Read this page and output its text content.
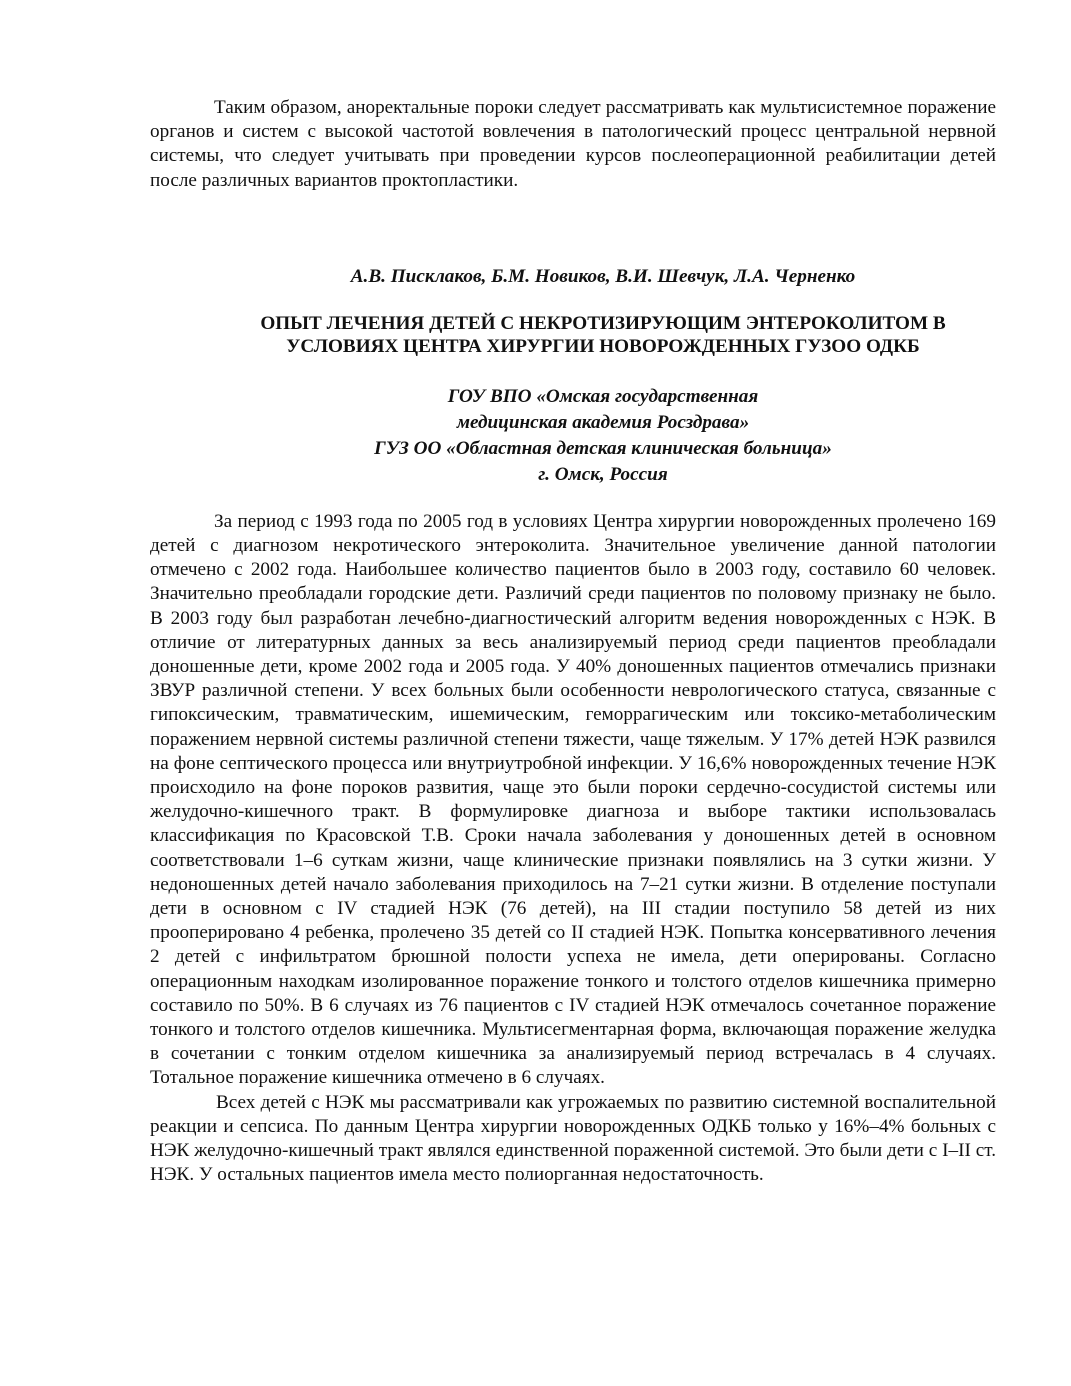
Таким образом, аноректальные пороки следует рассматривать как мультисистемное поражение органов и систем с высокой частотой вовлечения в патологический процесс центральной нервной системы, что следует учитывать при проведении курсов послеоперационной реабилитации детей после различных вариантов проктопластики.

А.В. Писклаков, Б.М. Новиков, В.И. Шевчук, Л.А. Черненко
ОПЫТ ЛЕЧЕНИЯ ДЕТЕЙ С НЕКРОТИЗИРУЮЩИМ ЭНТЕРОКОЛИТОМ В
УСЛОВИЯХ ЦЕНТРА ХИРУРГИИ НОВОРОЖДЕННЫХ ГУЗОО ОДКБ
ГОУ ВПО «Омская государственная
медицинская академия Росздрава»
ГУЗ ОО «Областная детская клиническая больница»
г. Омск, Россия

За период с 1993 года по 2005 год в условиях Центра хирургии новорожденных пролечено 169 детей с диагнозом некротического энтероколита. Значительное увеличение данной патологии отмечено с 2002 года. Наибольшее количество пациентов было в 2003 году, составило 60 человек. Значительно преобладали городские дети. Различий среди пациентов по половому признаку не было. В 2003 году был разработан лечебно-диагностический алгоритм ведения новорожденных с НЭК. В отличие от литературных данных за весь анализируемый период среди пациентов преобладали доношенные дети, кроме 2002 года и 2005 года. У 40% доношенных пациентов отмечались признаки ЗВУР различной степени. У всех больных были особенности неврологического статуса, связанные с гипоксическим, травматическим, ишемическим, геморрагическим или токсико-метаболическим поражением нервной системы различной степени тяжести, чаще тяжелым. У 17% детей НЭК развился на фоне септического процесса или внутриутробной инфекции. У 16,6% новорожденных течение НЭК происходило на фоне пороков развития, чаще это были пороки сердечно-сосудистой системы или желудочно-кишечного тракт. В формулировке диагноза и выборе тактики использовалась классификация по Красовской Т.В. Сроки начала заболевания у доношенных детей в основном соответствовали 1–6 суткам жизни, чаще клинические признаки появлялись на 3 сутки жизни. У недоношенных детей начало заболевания приходилось на 7–21 сутки жизни. В отделение поступали дети в основном с IV стадией НЭК (76 детей), на III стадии поступило 58 детей из них прооперировано 4 ребенка, пролечено 35 детей со II стадией НЭК. Попытка консервативного лечения 2 детей с инфильтратом брюшной полости успеха не имела, дети оперированы. Согласно операционным находкам изолированное поражение тонкого и толстого отделов кишечника примерно составило по 50%. В 6 случаях из 76 пациентов с IV стадией НЭК отмечалось сочетанное поражение тонкого и толстого отделов кишечника. Мультисегментарная форма, включающая поражение желудка в сочетании с тонким отделом кишечника за анализируемый период встречалась в 4 случаях. Тотальное поражение кишечника отмечено в 6 случаях.

Всех детей с НЭК мы рассматривали как угрожаемых по развитию системной воспалительной реакции и сепсиса. По данным Центра хирургии новорожденных ОДКБ только у 16%–4% больных с НЭК желудочно-кишечный тракт являлся единственной пораженной системой. Это были дети с I–II ст. НЭК. У остальных пациентов имела место полиорганная недостаточность.
